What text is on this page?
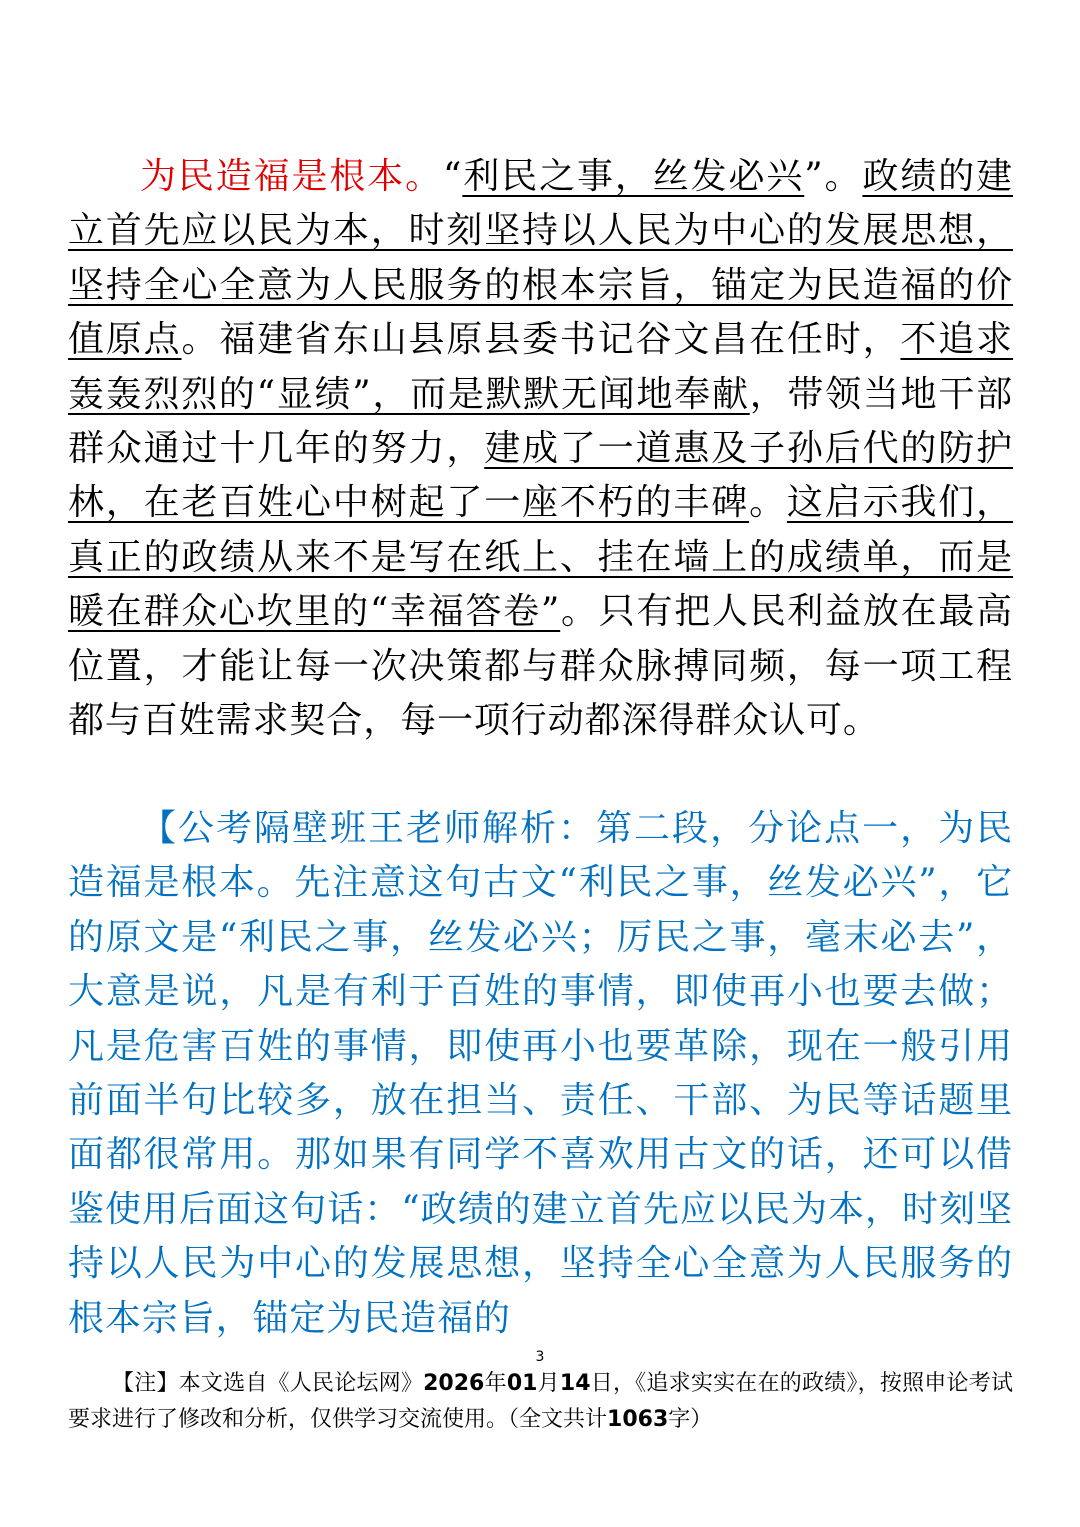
为民造福是根本。“利民之事，丝发必兴”。政绩的建立首先应以民为本，时刻坚持以人民为中心的发展思想，坚持全心全意为人民服务的根本宗旨，锚定为民造福的价值原点。福建省东山县原县委书记谷文昌在任时，不追求轰轰烈烈的“显绩”，而是默默无闻地奉献，带领当地干部群众通过十几年的努力，建成了一道惠及子孙后代的防护林，在老百姓心中树起了一座不朽的丰碑。这启示我们，真正的政绩从来不是写在纸上、挂在墙上的成绩单，而是暖在群众心坎里的“幸福答卷”。只有把人民利益放在最高位置，才能让每一次决策都与群众脉搏同频，每一项工程都与百姓需求契合，每一项行动都深得群众认可。

【公考隔壁班王老师解析：第二段，分论点一，为民造福是根本。先注意这句古文“利民之事，丝发必兴”，它的原文是“利民之事，丝发必兴；厉民之事，毫末必去”，大意是说，凡是有利于百姓的事情，即使再小也要去做；凡是危害百姓的事情，即使再小也要革除，现在一般引用前面半句比较多，放在担当、责任、干部、为民等话题里面都很常用。那如果有同学不喜欢用古文的话，还可以借鉴使用后面这句话：“政绩的建立首先应以民为本，时刻坚持以人民为中心的发展思想，坚持全心全意为人民服务的根本宗旨，锚定为民造福的

3

【注】本文选自《人民论坛网》2026年01月14日，《追求实实在在的政绩》，按照申论考试要求进行了修改和分析，仅供学习交流使用。（全文共计1063字）
